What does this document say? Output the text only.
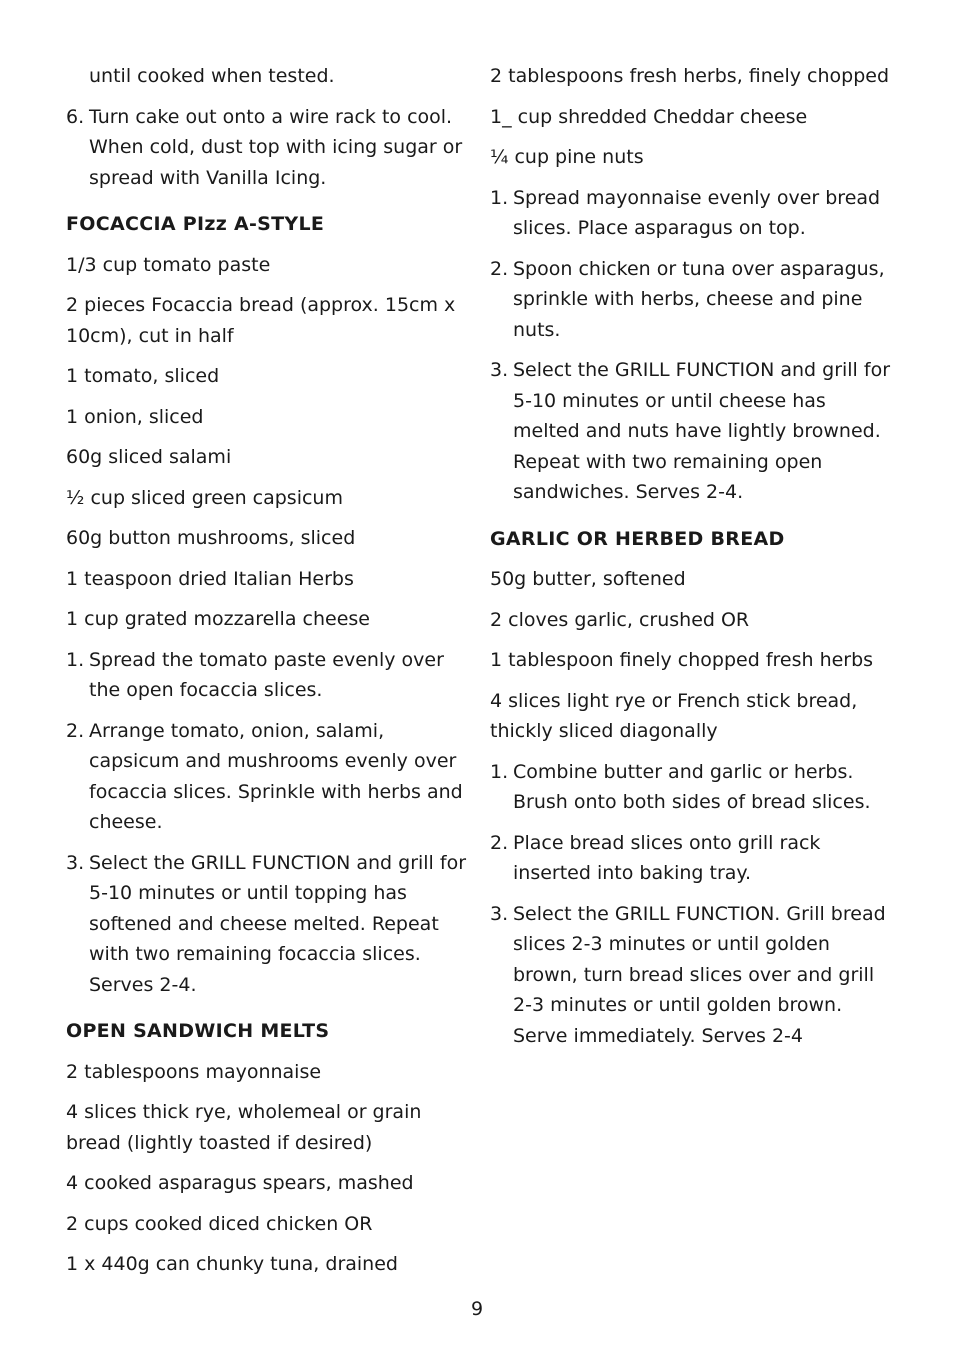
until cooked when tested.

6. Turn cake out onto a wire rack to cool. When cold, dust top with icing sugar or spread with Vanilla Icing.
FOCACCIA PIzz A-STYLE

1/3 cup tomato paste

2 pieces Focaccia bread (approx. 15cm x 10cm), cut in half

1 tomato, sliced

1 onion, sliced

60g sliced salami

½ cup sliced green capsicum

60g button mushrooms, sliced

1 teaspoon dried Italian Herbs

1 cup grated mozzarella cheese

1. Spread the tomato paste evenly over the open focaccia slices.
2. Arrange tomato, onion, salami, capsicum and mushrooms evenly over focaccia slices. Sprinkle with herbs and cheese.
3. Select the GRILL FUNCTION and grill for 5-10 minutes or until topping has softened and cheese melted. Repeat with two remaining focaccia slices. Serves 2-4.
OPEN SANDWICH MELTS

2 tablespoons mayonnaise

4 slices thick rye, wholemeal or grain bread (lightly toasted if desired)

4 cooked asparagus spears, mashed

2 cups cooked diced chicken OR

1 x 440g can chunky tuna, drained

2 tablespoons fresh herbs, finely chopped

1_ cup shredded Cheddar cheese

¼ cup pine nuts

1. Spread mayonnaise evenly over bread slices. Place asparagus on top.
2. Spoon chicken or tuna over asparagus, sprinkle with herbs, cheese and pine nuts.
3. Select the GRILL FUNCTION and grill for 5-10 minutes or until cheese has melted and nuts have lightly browned. Repeat with two remaining open sandwiches. Serves 2-4.
GARLIC OR HERBED BREAD

50g butter, softened

2 cloves garlic, crushed OR

1 tablespoon finely chopped fresh herbs

4 slices light rye or French stick bread, thickly sliced diagonally

1. Combine butter and garlic or herbs. Brush onto both sides of bread slices.
2. Place bread slices onto grill rack inserted into baking tray.
3. Select the GRILL FUNCTION. Grill bread slices 2-3 minutes or until golden brown, turn bread slices over and grill 2-3 minutes or until golden brown. Serve immediately. Serves 2-4
9
